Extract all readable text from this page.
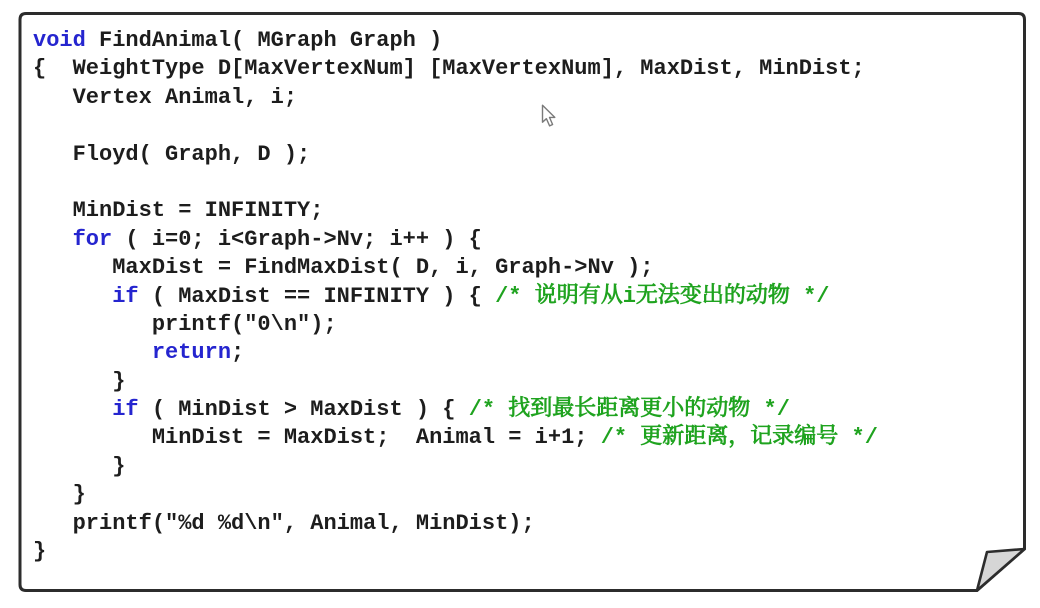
void FindAnimal( MGraph Graph )
{  WeightType D[MaxVertexNum] [MaxVertexNum], MaxDist, MinDist;
Vertex Animal, i;

Floyd( Graph, D );

MinDist = INFINITY;
for ( i=0; i<Graph->Nv; i++ ) {
MaxDist = FindMaxDist( D, i, Graph->Nv );
if ( MaxDist == INFINITY ) { /* 说明有从i无法变出的动物 */
printf("0\n");
return;
}
if ( MinDist > MaxDist ) { /* 找到最长距离更小的动物 */
MinDist = MaxDist;  Animal = i+1; /* 更新距离，记录编号 */
}
}
printf("%d %d\n", Animal, MinDist);
}
